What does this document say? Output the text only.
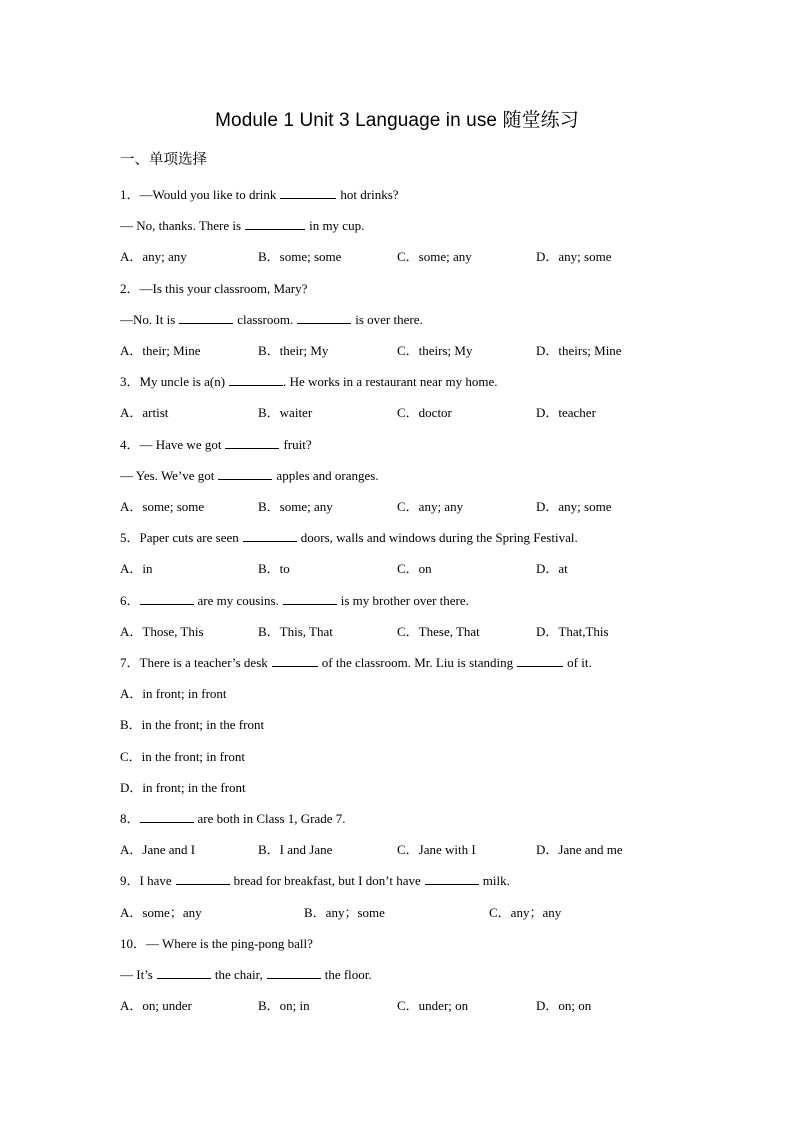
Module 1 Unit 3 Language in use 随堂练习
一、单项选择
1．—Would you like to drink	hot drinks?
— No, thanks. There is	in my cup.
A．any; any	B．some; some	C．some; any	D．any; some
2．—Is this your classroom, Mary?
—No. It is	classroom.	is over there.
A．their; Mine	B．their; My	C．theirs; My	D．theirs; Mine
3．My uncle is a(n)	. He works in a restaurant near my home.
A．artist	B．waiter	C．doctor	D．teacher
4．— Have we got	fruit?
— Yes. We’ve got	apples and oranges.
A．some; some	B．some; any	C．any; any	D．any; some
5．Paper cuts are seen	doors, walls and windows during the Spring Festival.
A．in	B．to	C．on	D．at
6．	are my cousins.	is my brother over there.
A．Those, This	B．This, That	C．These, That	D．That,This
7．There is a teacher’s desk	of the classroom. Mr. Liu is standing	of it.
A．in front; in front
B．in the front; in the front
C．in the front; in front
D．in front; in the front
8．	are both in Class 1, Grade 7.
A．Jane and I	B．I and Jane	C．Jane with I	D．Jane and me
9．I have	bread for breakfast, but I don’t have	milk.
A．some；any	B．any；some	C．any；any
10．— Where is the ping-pong ball?
— It’s	the chair,	the floor.
A．on; under	B．on; in	C．under; on	D．on; on
